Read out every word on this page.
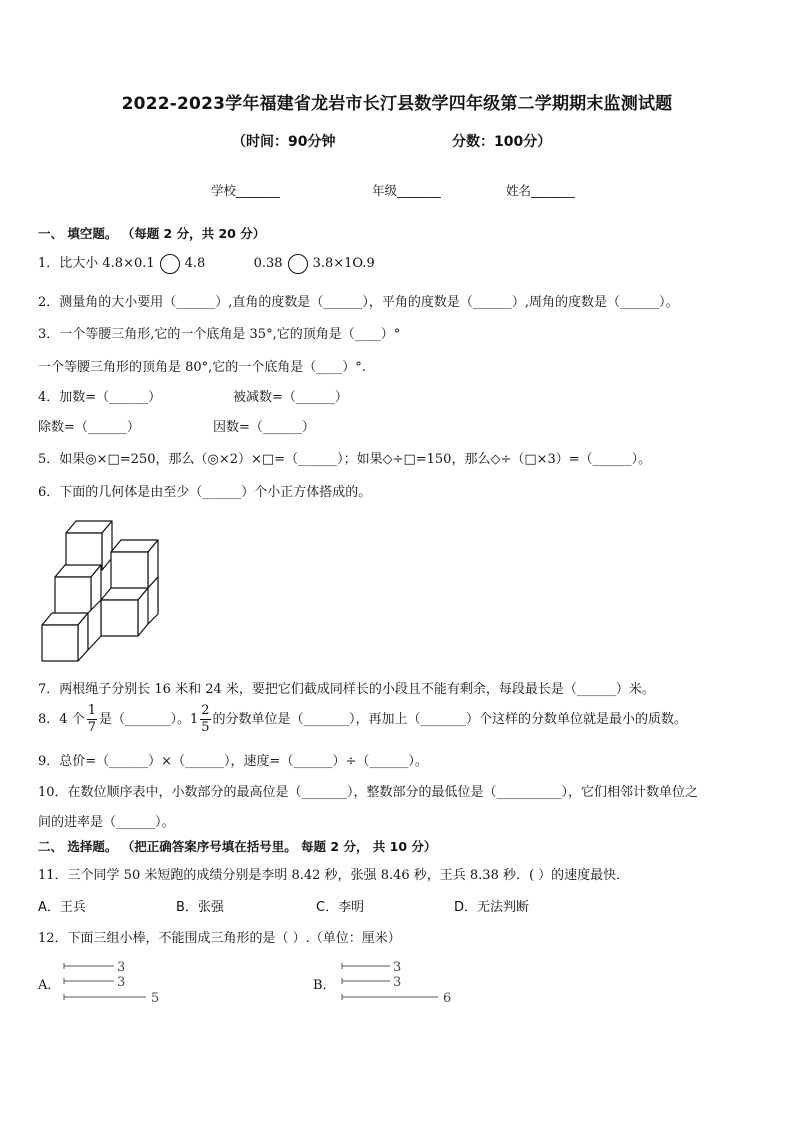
2022-2023学年福建省龙岩市长汀县数学四年级第二学期期末监测试题
（时间：90分钟	分数：100分）
学校_______	年级_______	姓名_______
一、 填空题。 （每题 2 分，共 20 分）
1．比大小 4.8×0.1 4.8	0.38 3.8×1O.9
2．测量角的大小要用（______）,直角的度数是（______），平角的度数是（______）,周角的度数是（______）。
3．一个等腰三角形,它的一个底角是 35°,它的顶角是（____）°
一个等腰三角形的顶角是 80°,它的一个底角是（____）°.
4．加数=（______）	被减数=（______）
除数=（______）	因数=（______）
5．如果◎×□=250，那么（◎×2）×□=（______）；如果◇÷□=150，那么◇÷（□×3）=（______）。
6．下面的几何体是由至少（______）个小正方体搭成的。
7．两根绳子分别长 16 米和 24 米，要把它们截成同样长的小段且不能有剩余，每段最长是（______）米。
8．4 个 $\frac{1}{7}$ 是（_______）。$1 \frac{2}{5}$ 的分数单位是（_______），再加上（_______）个这样的分数单位就是最小的质数。
9．总价=（______）×（______），速度=（______）÷（______）。
10．在数位顺序表中，小数部分的最高位是（_______），整数部分的最低位是（__________），它们相邻计数单位之
间的进率是（______）。
二、 选择题。 （把正确答案序号填在括号里。 每题 2 分， 共 10 分）
11．三个同学 50 米短跑的成绩分别是李明 8.42 秒，张强 8.46 秒，王兵 8.38 秒．( ）的速度最快．
A．王兵	B．张强	C．李明	D．无法判断
12．下面三组小棒，不能围成三角形的是（ ）.（单位：厘米）
A．
3
3
5
B．
3
3
6
